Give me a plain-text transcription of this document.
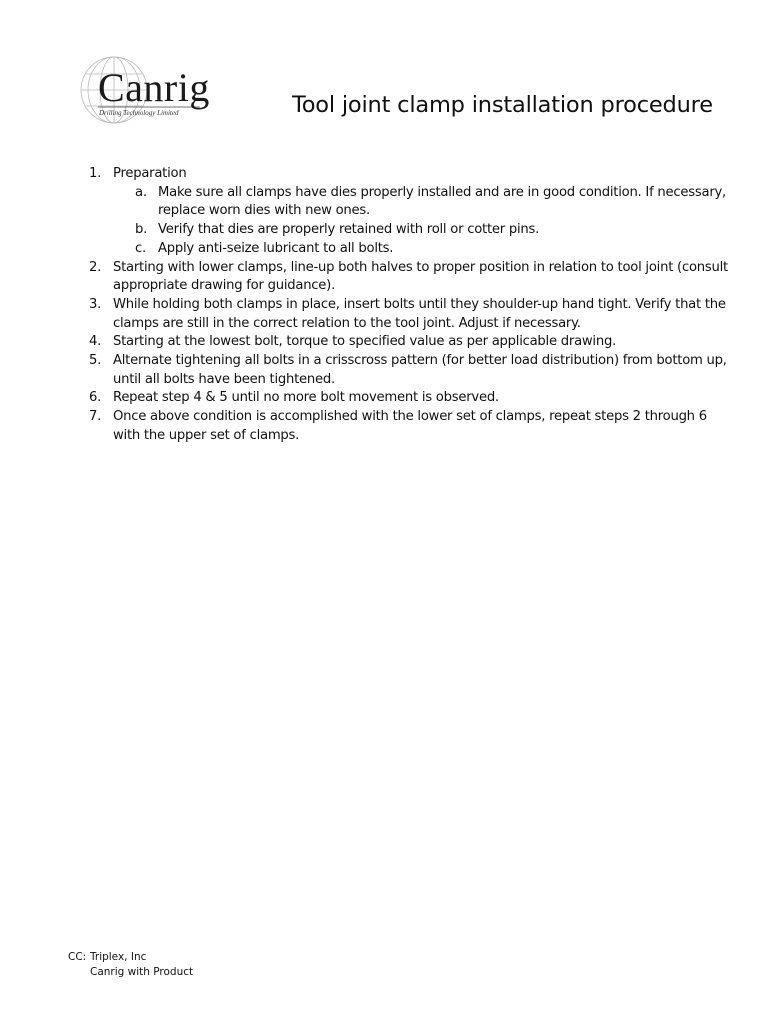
Canrig
Drilling Technology Limited	Tool joint clamp installation procedure
1. Preparation
a. Make sure all clamps have dies properly installed and are in good condition. If necessary, replace worn dies with new ones.
b. Verify that dies are properly retained with roll or cotter pins.
c. Apply anti-seize lubricant to all bolts.
2. Starting with lower clamps, line-up both halves to proper position in relation to tool joint (consult appropriate drawing for guidance).
3. While holding both clamps in place, insert bolts until they shoulder-up hand tight. Verify that the clamps are still in the correct relation to the tool joint. Adjust if necessary.
4. Starting at the lowest bolt, torque to specified value as per applicable drawing.
5. Alternate tightening all bolts in a crisscross pattern (for better load distribution) from bottom up, until all bolts have been tightened.
6. Repeat step 4 & 5 until no more bolt movement is observed.
7. Once above condition is accomplished with the lower set of clamps, repeat steps 2 through 6 with the upper set of clamps.
CC: Triplex, Inc
Canrig with Product
